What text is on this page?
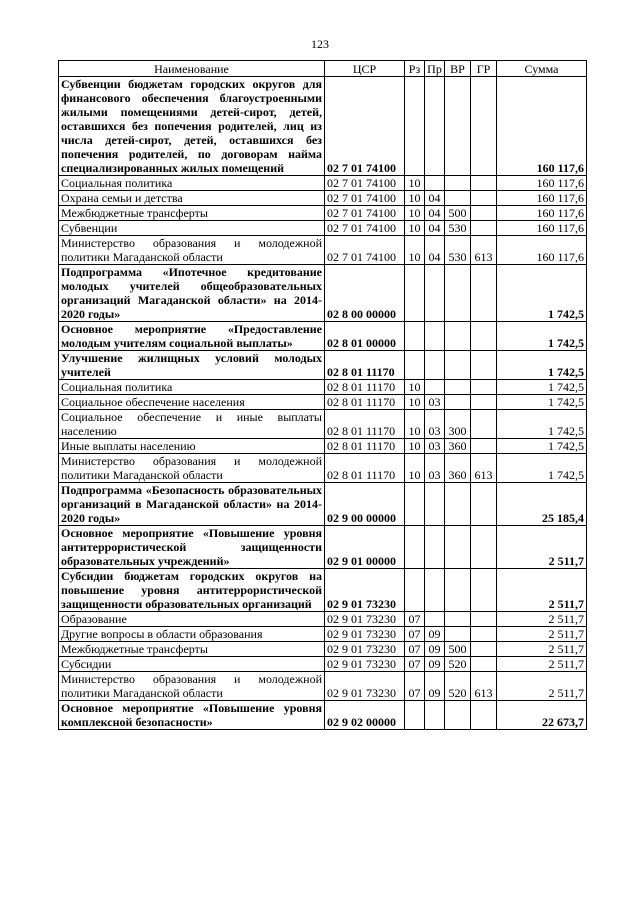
123
Наименование	ЦСР	Рз	Пр	ВР	ГР	Сумма
Субвенции бюджетам городских округов для финансового обеспечения благоустроенными жилыми помещениями детей-сирот, детей, оставшихся без попечения родителей, лиц из числа детей-сирот, детей, оставшихся без попечения родителей, по договорам найма специализированных жилых помещений	02 7 01 74100					160 117,6
Социальная политика	02 7 01 74100	10				160 117,6
Охрана семьи и детства	02 7 01 74100	10	04			160 117,6
Межбюджетные трансферты	02 7 01 74100	10	04	500		160 117,6
Субвенции	02 7 01 74100	10	04	530		160 117,6
Министерство образования и молодежной политики Магаданской области	02 7 01 74100	10	04	530	613	160 117,6
Подпрограмма «Ипотечное кредитование молодых учителей общеобразовательных организаций Магаданской области» на 2014-2020 годы»	02 8 00 00000					1 742,5
Основное мероприятие «Предоставление молодым учителям социальной выплаты»	02 8 01 00000					1 742,5
Улучшение жилищных условий молодых учителей	02 8 01 11170					1 742,5
Социальная политика	02 8 01 11170	10				1 742,5
Социальное обеспечение населения	02 8 01 11170	10	03			1 742,5
Социальное обеспечение и иные выплаты населению	02 8 01 11170	10	03	300		1 742,5
Иные выплаты населению	02 8 01 11170	10	03	360		1 742,5
Министерство образования и молодежной политики Магаданской области	02 8 01 11170	10	03	360	613	1 742,5
Подпрограмма «Безопасность образовательных организаций в Магаданской области» на 2014-2020 годы»	02 9 00 00000					25 185,4
Основное мероприятие «Повышение уровня антитеррористической защищенности образовательных учреждений»	02 9 01 00000					2 511,7
Субсидии бюджетам городских округов на повышение уровня антитеррористической защищенности образовательных организаций	02 9 01 73230					2 511,7
Образование	02 9 01 73230	07				2 511,7
Другие вопросы в области образования	02 9 01 73230	07	09			2 511,7
Межбюджетные трансферты	02 9 01 73230	07	09	500		2 511,7
Субсидии	02 9 01 73230	07	09	520		2 511,7
Министерство образования и молодежной политики Магаданской области	02 9 01 73230	07	09	520	613	2 511,7
Основное мероприятие «Повышение уровня комплексной безопасности»	02 9 02 00000					22 673,7
